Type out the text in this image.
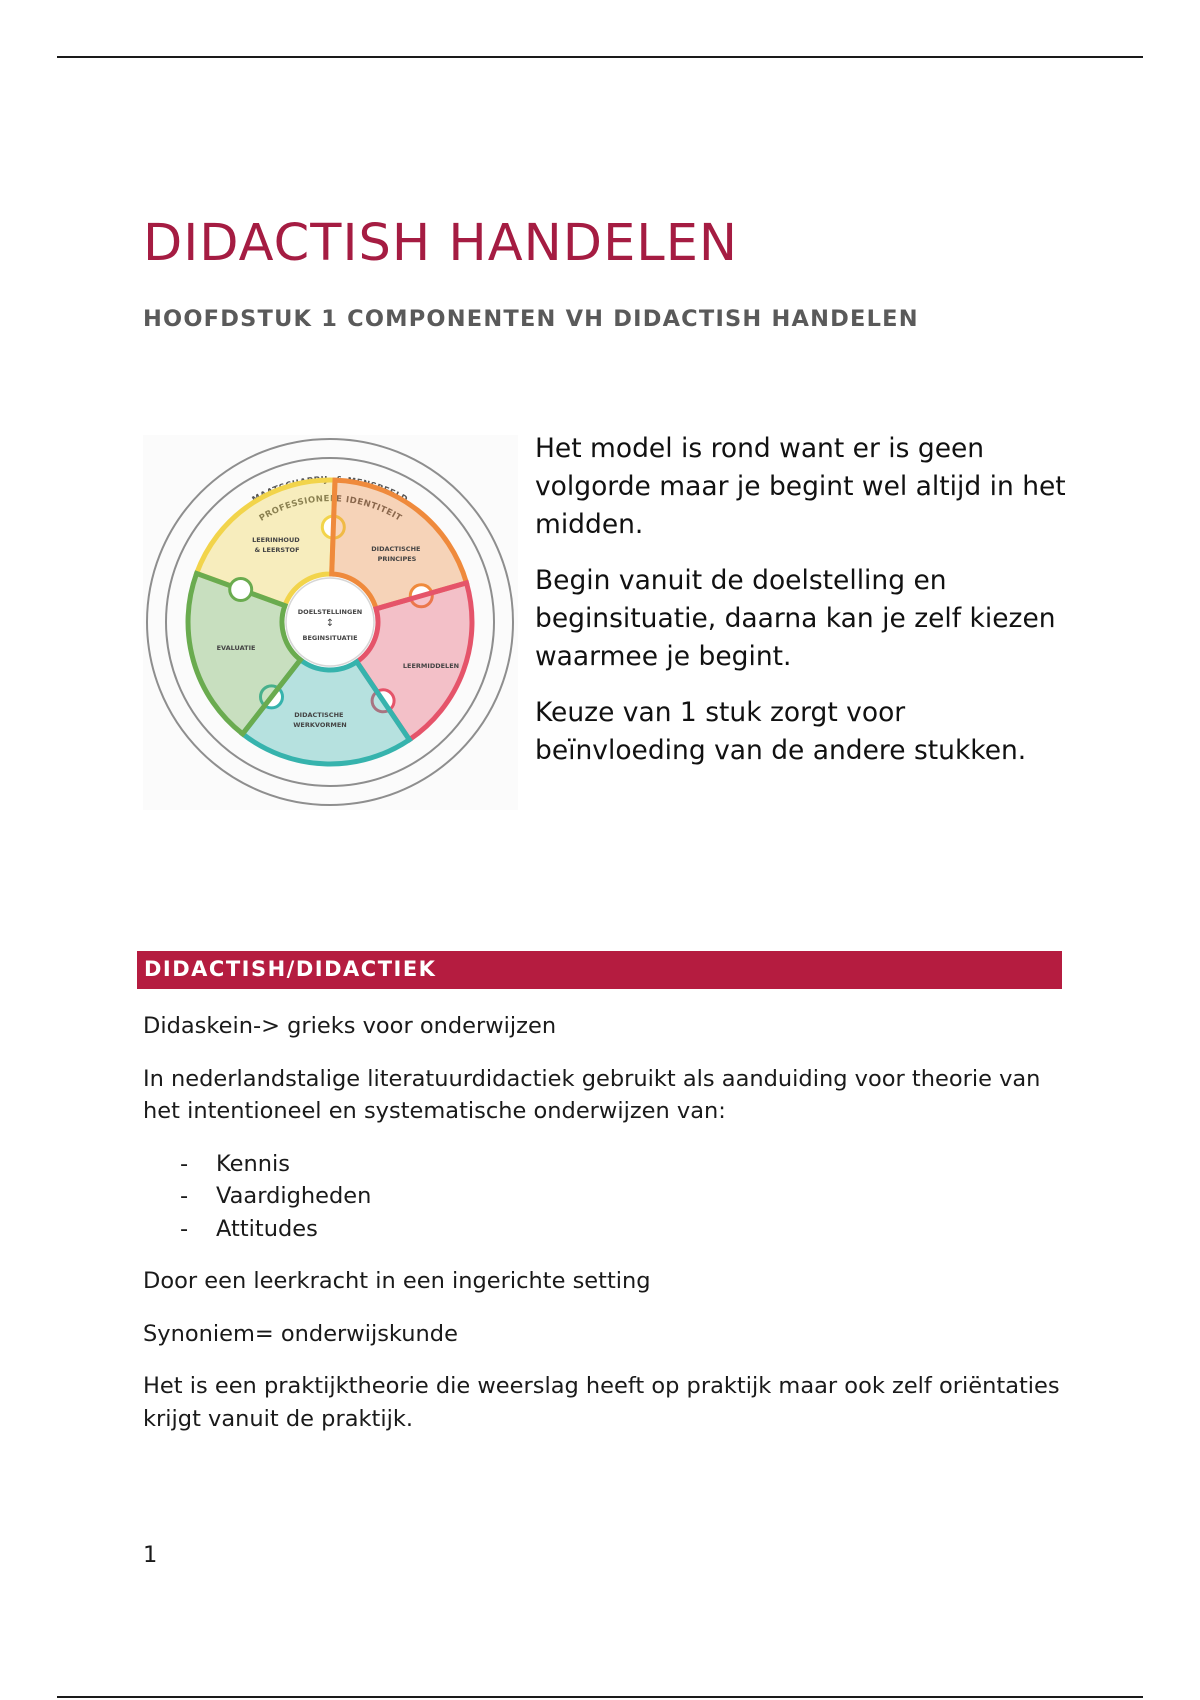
DIDACTISH HANDELEN
HOOFDSTUK 1 COMPONENTEN VH DIDACTISH HANDELEN
MAATSCHAPPIJ- & MENSBEELD
PROFESSIONELE IDENTITEIT
LEERINHOUD & LEERSTOF	DIDACTISCHE PRINCIPES
LEERMIDDELEN
DIDACTISCHE WERKVORMEN
EVALUATIE
DOELSTELLINGEN
↕
BEGINSITUATIE

Het model is rond want er is geen volgorde maar je begint wel altijd in het midden.

Begin vanuit de doelstelling en beginsituatie, daarna kan je zelf kiezen waarmee je begint.

Keuze van 1 stuk zorgt voor beïnvloeding van de andere stukken.

DIDACTISH/DIDACTIEK

Didaskein-> grieks voor onderwijzen

In nederlandstalige literatuurdidactiek gebruikt als aanduiding voor theorie van het intentioneel en systematische onderwijzen van:

- Kennis
- Vaardigheden
- Attitudes

Door een leerkracht in een ingerichte setting

Synoniem= onderwijskunde

Het is een praktijktheorie die weerslag heeft op praktijk maar ook zelf oriëntaties krijgt vanuit de praktijk.

1
